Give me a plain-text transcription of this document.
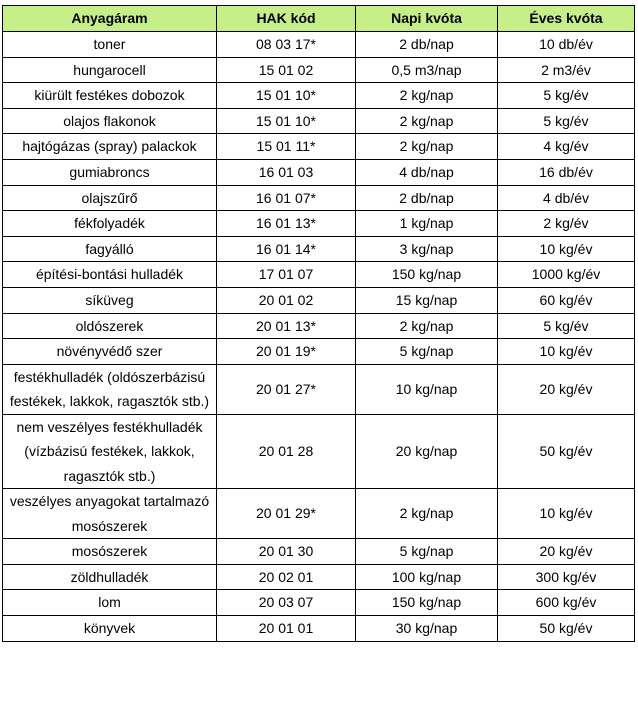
Anyagáram	HAK kód	Napi kvóta	Éves kvóta
toner	08 03 17*	2 db/nap	10 db/év
hungarocell	15 01 02	0,5 m3/nap	2 m3/év
kiürült festékes dobozok	15 01 10*	2 kg/nap	5 kg/év
olajos flakonok	15 01 10*	2 kg/nap	5 kg/év
hajtógázas (spray) palackok	15 01 11*	2 kg/nap	4 kg/év
gumiabroncs	16 01 03	4 db/nap	16 db/év
olajszűrő	16 01 07*	2 db/nap	4 db/év
fékfolyadék	16 01 13*	1 kg/nap	2 kg/év
fagyálló	16 01 14*	3 kg/nap	10 kg/év
építési-bontási hulladék	17 01 07	150 kg/nap	1000 kg/év
síküveg	20 01 02	15 kg/nap	60 kg/év
oldószerek	20 01 13*	2 kg/nap	5 kg/év
növényvédő szer	20 01 19*	5 kg/nap	10 kg/év
festékhulladék (oldószerbázisú festékek, lakkok, ragasztók stb.)	20 01 27*	10 kg/nap	20 kg/év
nem veszélyes festékhulladék (vízbázisú festékek, lakkok, ragasztók stb.)	20 01 28	20 kg/nap	50 kg/év
veszélyes anyagokat tartalmazó mosószerek	20 01 29*	2 kg/nap	10 kg/év
mosószerek	20 01 30	5 kg/nap	20 kg/év
zöldhulladék	20 02 01	100 kg/nap	300 kg/év
lom	20 03 07	150 kg/nap	600 kg/év
könyvek	20 01 01	30 kg/nap	50 kg/év
